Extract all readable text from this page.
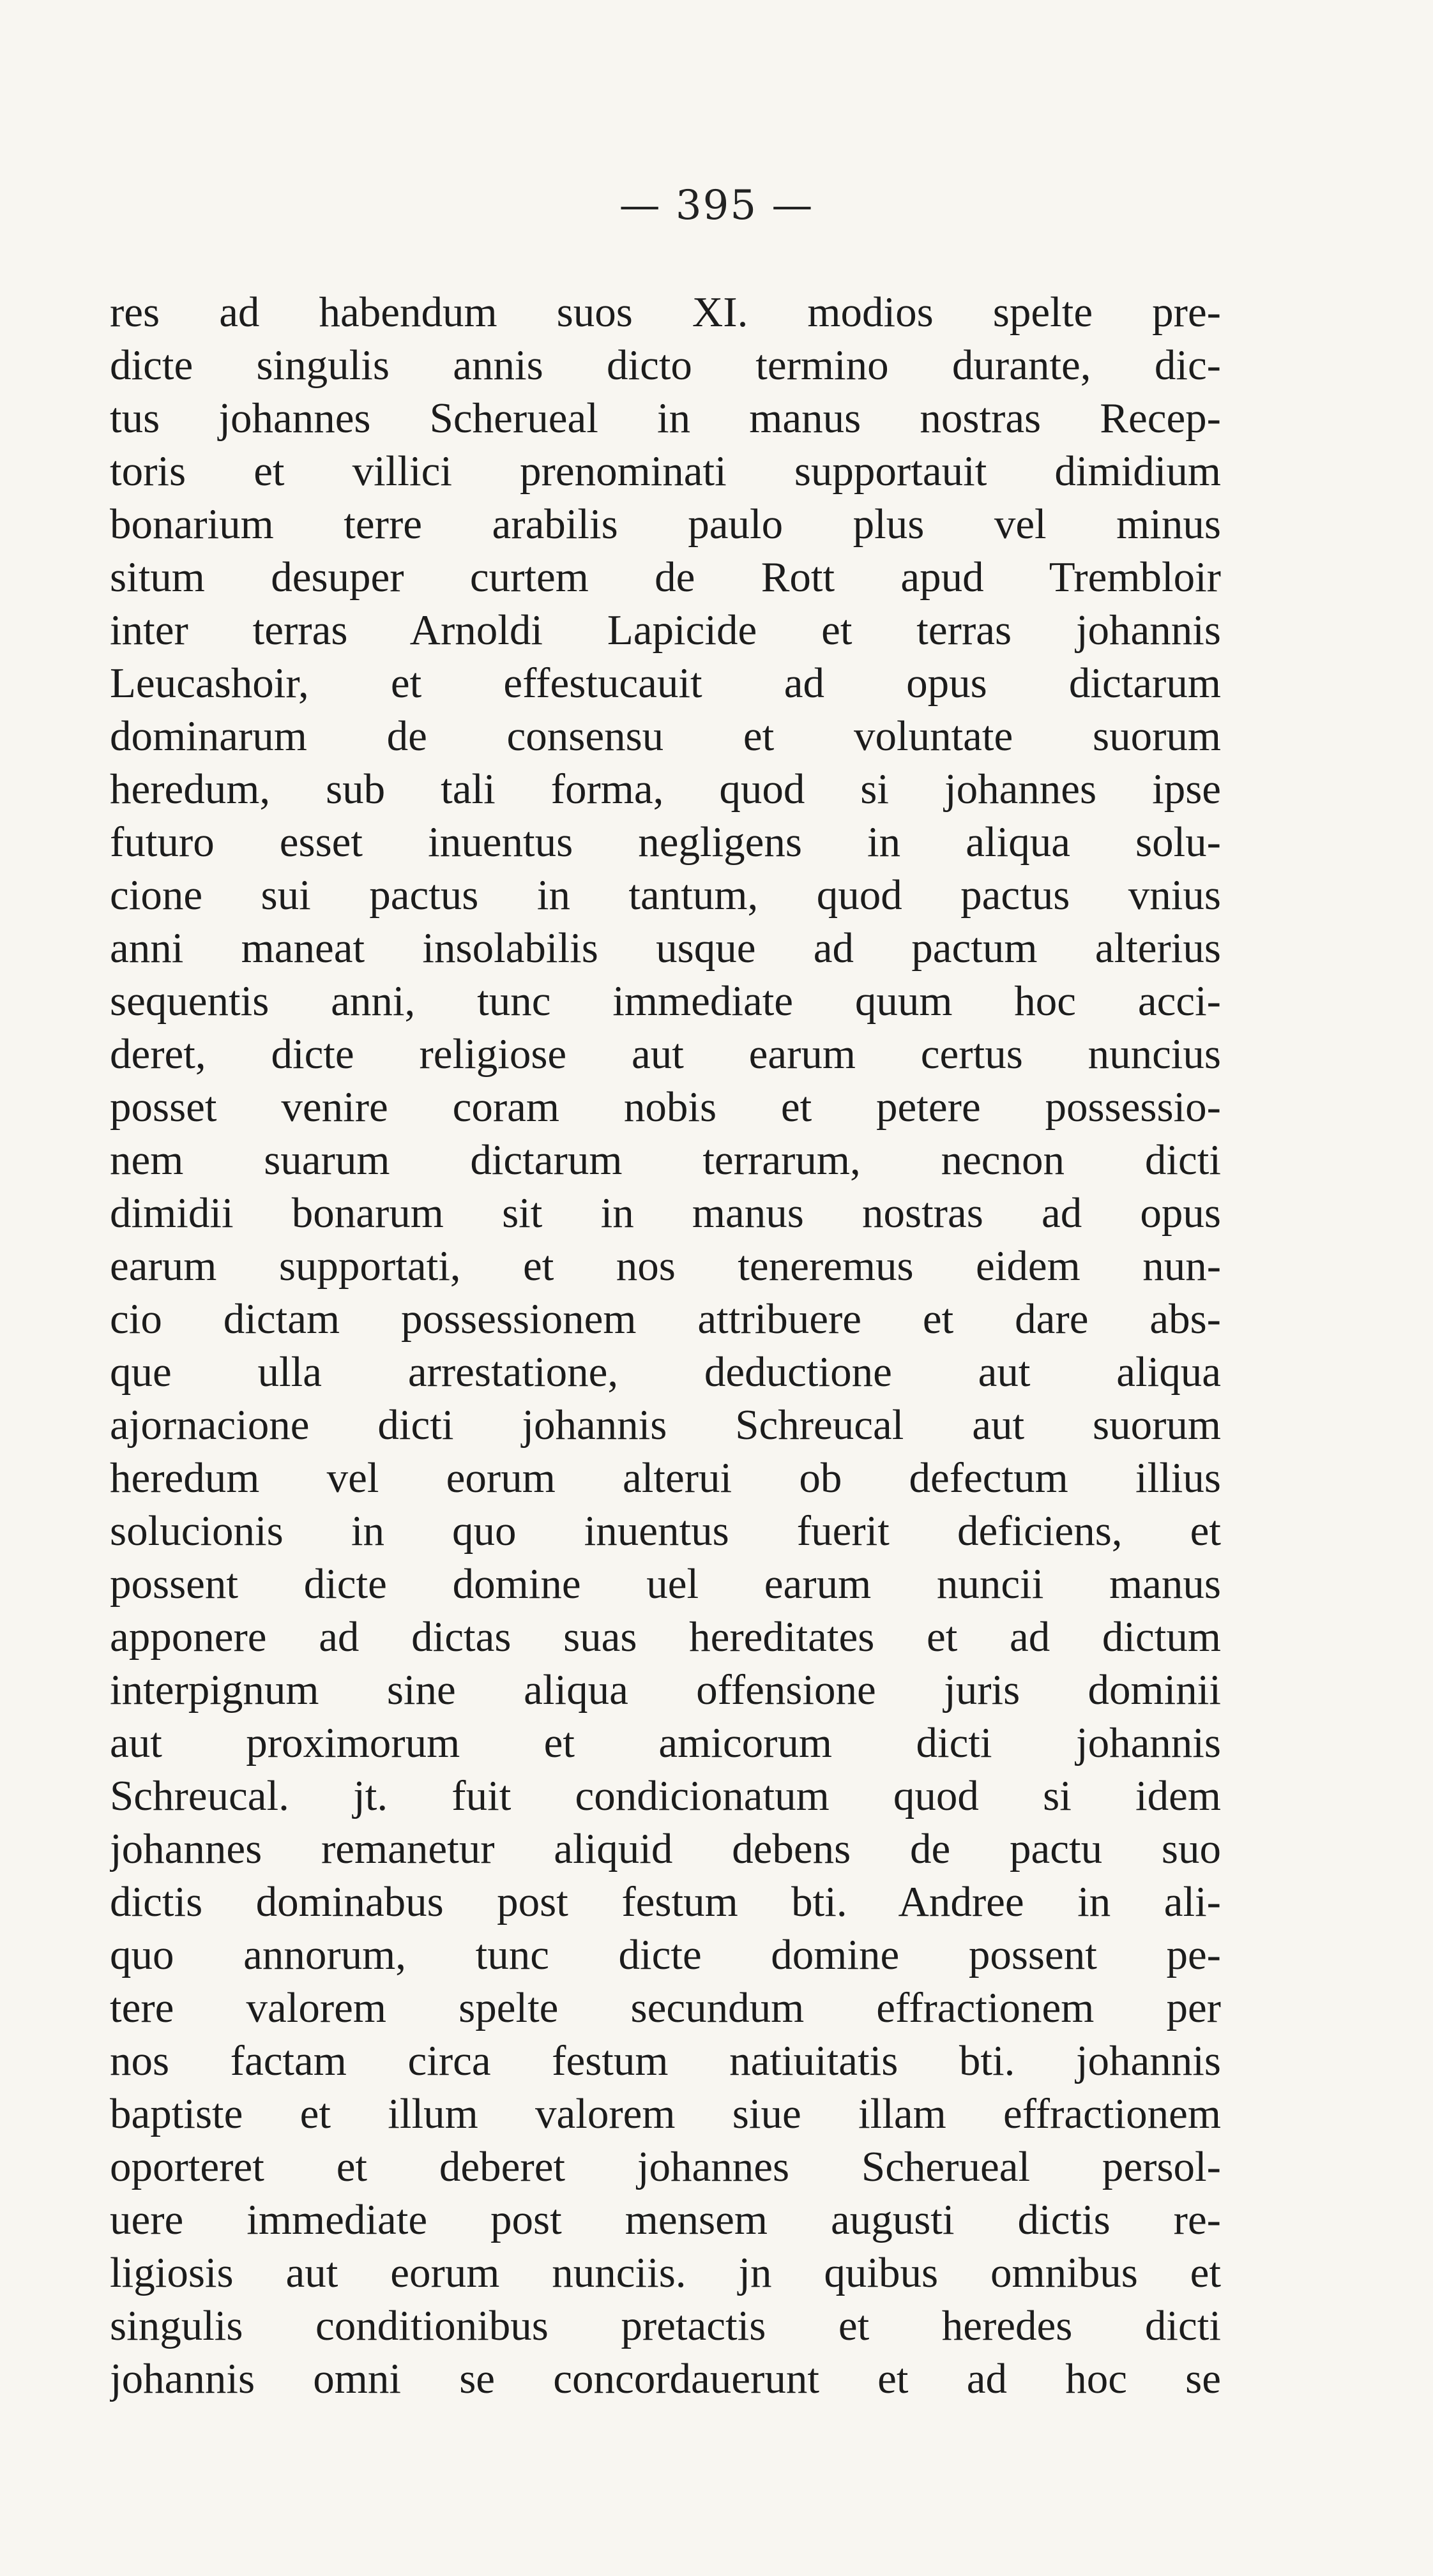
— 395 —
res ad habendum suos XI. modios spelte pre-
dicte singulis annis dicto termino durante, dic-
tus johannes Scherueal in manus nostras Recep-
toris et villici prenominati supportauit dimidium
bonarium terre arabilis paulo plus vel minus
situm desuper curtem de Rott apud Trembloir
inter terras Arnoldi Lapicide et terras johannis
Leucashoir, et effestucauit ad opus dictarum
dominarum de consensu et voluntate suorum
heredum, sub tali forma, quod si johannes ipse
futuro esset inuentus negligens in aliqua solu-
cione sui pactus in tantum, quod pactus vnius
anni maneat insolabilis usque ad pactum alterius
sequentis anni, tunc immediate quum hoc acci-
deret, dicte religiose aut earum certus nuncius
posset venire coram nobis et petere possessio-
nem suarum dictarum terrarum, necnon dicti
dimidii bonarum sit in manus nostras ad opus
earum supportati, et nos teneremus eidem nun-
cio dictam possessionem attribuere et dare abs-
que ulla arrestatione, deductione aut aliqua
ajornacione dicti johannis Schreucal aut suorum
heredum vel eorum alterui ob defectum illius
solucionis in quo inuentus fuerit deficiens, et
possent dicte domine uel earum nuncii manus
apponere ad dictas suas hereditates et ad dictum
interpignum sine aliqua offensione juris dominii
aut proximorum et amicorum dicti johannis
Schreucal. jt. fuit condicionatum quod si idem
johannes remanetur aliquid debens de pactu suo
dictis dominabus post festum bti. Andree in ali-
quo annorum, tunc dicte domine possent pe-
tere valorem spelte secundum effractionem per
nos factam circa festum natiuitatis bti. johannis
baptiste et illum valorem siue illam effractionem
oporteret et deberet johannes Scherueal persol-
uere immediate post mensem augusti dictis re-
ligiosis aut eorum nunciis. jn quibus omnibus et
singulis conditionibus pretactis et heredes dicti
johannis omni se concordauerunt et ad hoc se
